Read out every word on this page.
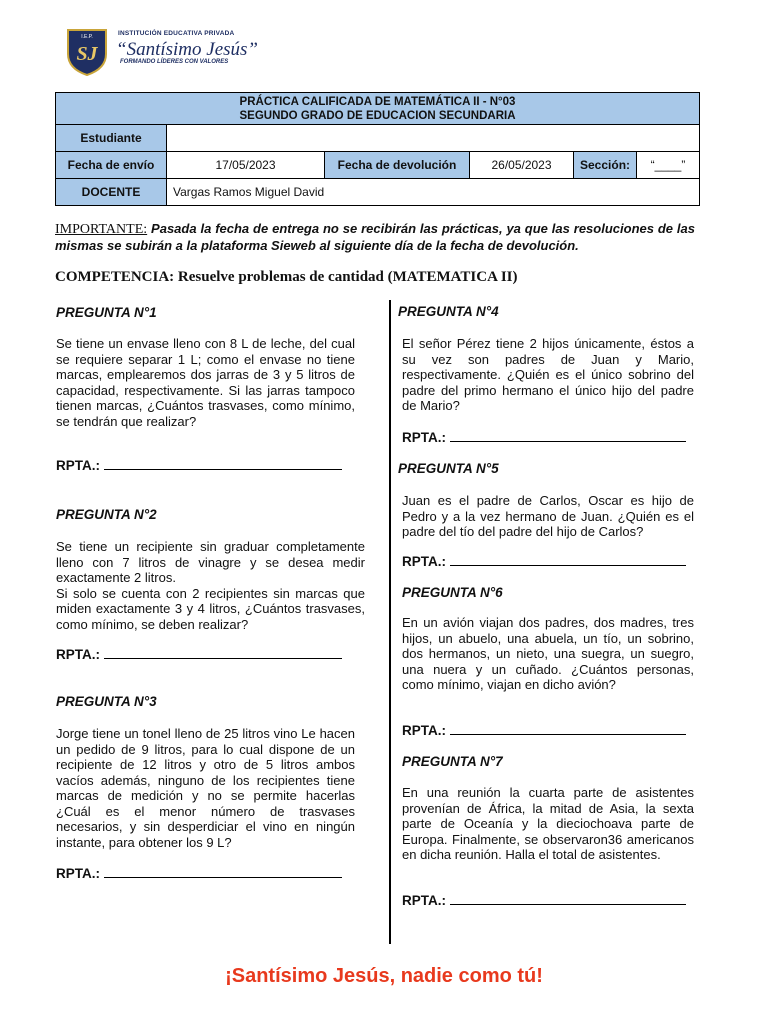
I.E.P.
SJ
INSTITUCIÓN EDUCATIVA PRIVADA
“Santísimo Jesús”
FORMANDO LÍDERES CON VALORES
PRÁCTICA CALIFICADA DE MATEMÁTICA II - N°03
SEGUNDO GRADO DE EDUCACION SECUNDARIA					

Estudiante					
Fecha de envío	17/05/2023	Fecha de devolución	26/05/2023	Sección:	“____”
DOCENTE	Vargas Ramos Miguel David				
IMPORTANTE: Pasada la fecha de entrega no se recibirán las prácticas, ya que las resoluciones de las mismas se subirán a la plataforma Sieweb al siguiente día de la fecha de devolución.
COMPETENCIA: Resuelve problemas de cantidad (MATEMATICA II)
PREGUNTA N°1
Se tiene un envase lleno con 8 L de leche, del cual se requiere separar 1 L; como el envase no tiene marcas, emplearemos dos jarras de 3 y 5 litros de capacidad, respectivamente. Si las jarras tampoco tienen marcas, ¿Cuántos trasvases, como mínimo, se tendrán que realizar?
RPTA.:
PREGUNTA N°2
Se tiene un recipiente sin graduar completamente lleno con 7 litros de vinagre y se desea medir exactamente 2 litros.
Si solo se cuenta con 2 recipientes sin marcas que miden exactamente 3 y 4 litros, ¿Cuántos trasvases, como mínimo, se deben realizar?
RPTA.:
PREGUNTA N°3
Jorge tiene un tonel lleno de 25 litros vino Le hacen un pedido de 9 litros, para lo cual dispone de un recipiente de 12 litros y otro de 5 litros ambos vacíos además, ninguno de los recipientes tiene marcas de medición y no se permite hacerlas ¿Cuál es el menor número de trasvases necesarios, y sin desperdiciar el vino en ningún instante, para obtener los 9 L?
RPTA.:
PREGUNTA N°4
El señor Pérez tiene 2 hijos únicamente, éstos a su vez son padres de Juan y Mario, respectivamente. ¿Quién es el único sobrino del padre del primo hermano el único hijo del padre de Mario?
RPTA.:
PREGUNTA N°5
Juan es el padre de Carlos, Oscar es hijo de Pedro y a la vez hermano de Juan. ¿Quién es el padre del tío del padre del hijo de Carlos?
RPTA.:
PREGUNTA N°6
En un avión viajan dos padres, dos madres, tres hijos, un abuelo, una abuela, un tío, un sobrino, dos hermanos, un nieto, una suegra, un suegro, una nuera y un cuñado. ¿Cuántos personas, como mínimo, viajan en dicho avión?
RPTA.:
PREGUNTA N°7
En una reunión la cuarta parte de asistentes provenían de África, la mitad de Asia, la sexta parte de Oceanía y la dieciochoava parte de Europa. Finalmente, se observaron36 americanos en dicha reunión. Halla el total de asistentes.
RPTA.:
¡Santísimo Jesús, nadie como tú!
